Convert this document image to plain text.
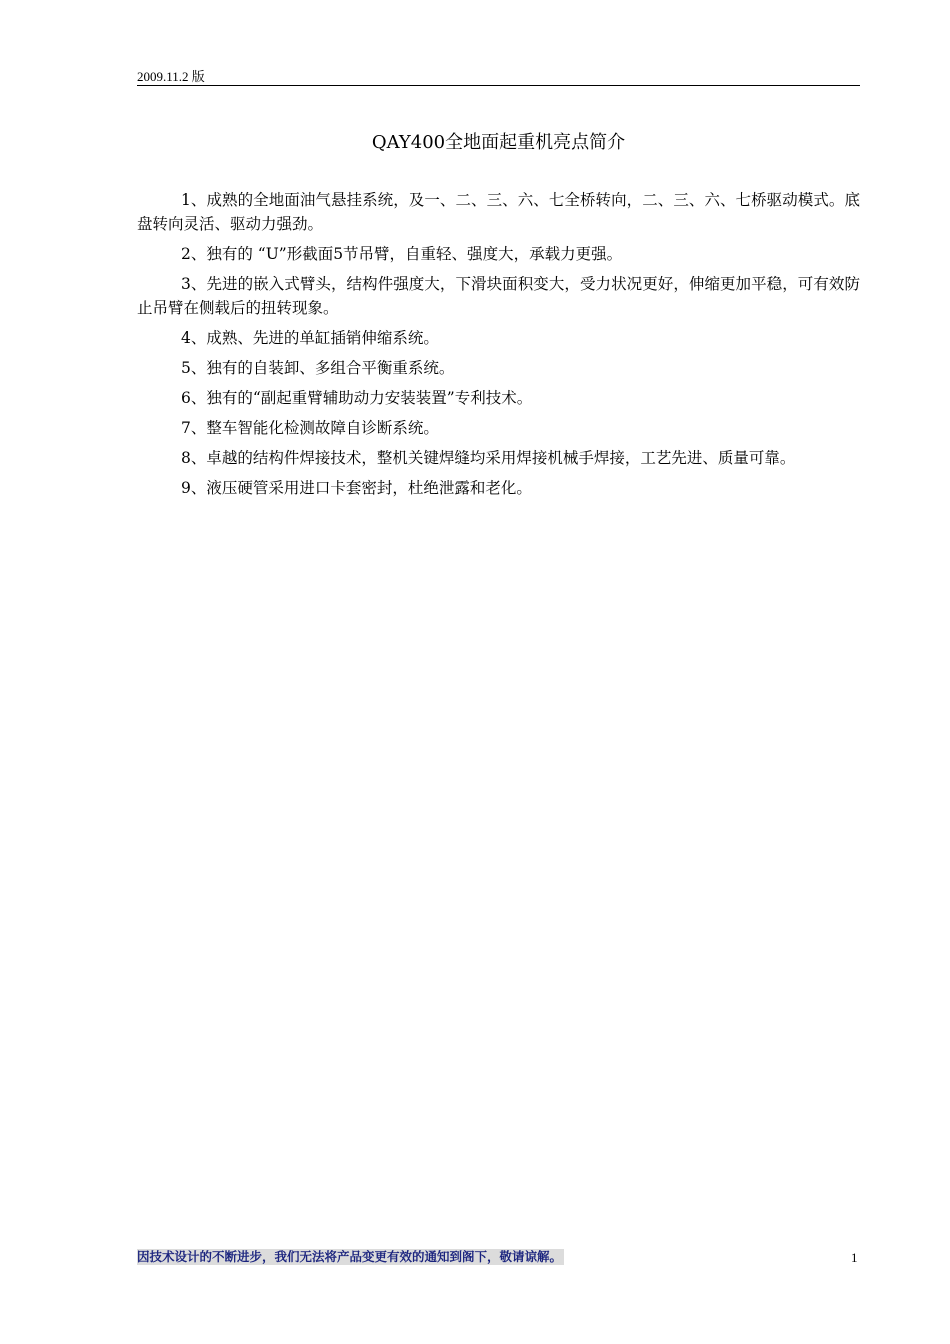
2009.11.2 版
QAY400全地面起重机亮点简介

1、成熟的全地面油气悬挂系统，及一、二、三、六、七全桥转向，二、三、六、七桥驱动模式。底盘转向灵活、驱动力强劲。

2、独有的 “U”形截面5节吊臂，自重轻、强度大，承载力更强。

3、先进的嵌入式臂头，结构件强度大，下滑块面积变大，受力状况更好，伸缩更加平稳，可有效防止吊臂在侧载后的扭转现象。

4、成熟、先进的单缸插销伸缩系统。

5、独有的自装卸、多组合平衡重系统。

6、独有的“副起重臂辅助动力安装装置”专利技术。

7、整车智能化检测故障自诊断系统。

8、卓越的结构件焊接技术，整机关键焊缝均采用焊接机械手焊接，工艺先进、质量可靠。

9、液压硬管采用进口卡套密封，杜绝泄露和老化。

因技术设计的不断进步，我们无法将产品变更有效的通知到阁下，敬请谅解。	1
